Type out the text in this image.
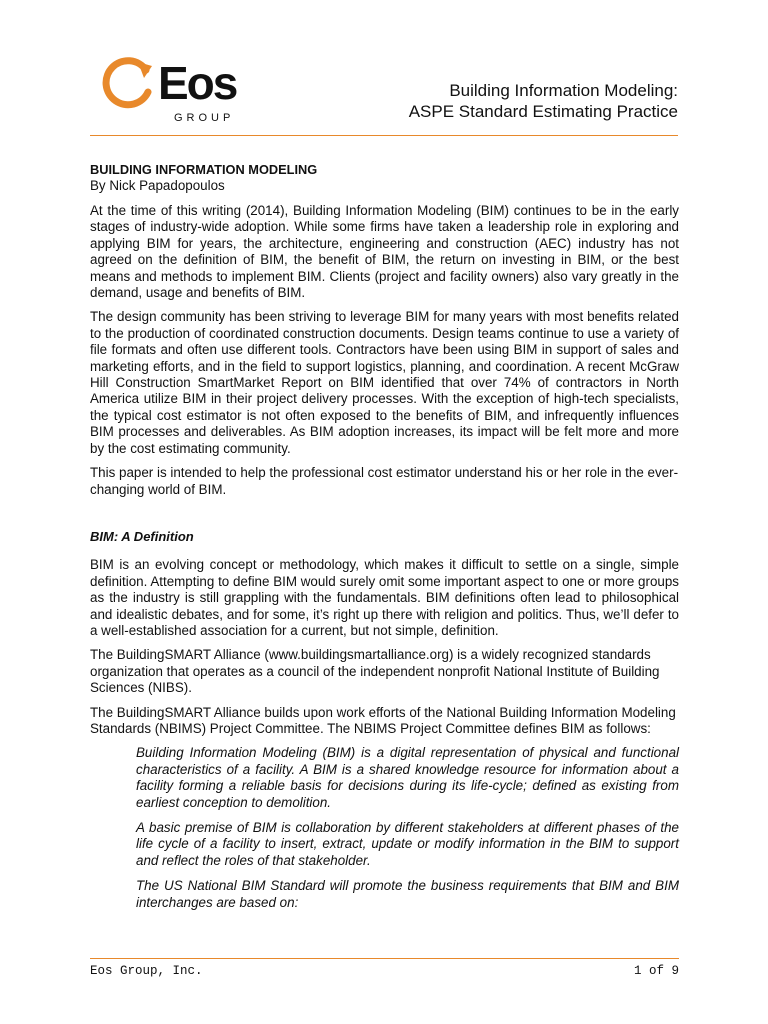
Eos
GROUP
Building Information Modeling:
ASPE Standard Estimating Practice
BUILDING INFORMATION MODELING
By Nick Papadopoulos

At the time of this writing (2014), Building Information Modeling (BIM) continues to be in the early stages of industry-wide adoption. While some firms have taken a leadership role in exploring and applying BIM for years, the architecture, engineering and construction (AEC) industry has not agreed on the definition of BIM, the benefit of BIM, the return on investing in BIM, or the best means and methods to implement BIM. Clients (project and facility owners) also vary greatly in the demand, usage and benefits of BIM.

The design community has been striving to leverage BIM for many years with most benefits related to the production of coordinated construction documents. Design teams continue to use a variety of file formats and often use different tools. Contractors have been using BIM in support of sales and marketing efforts, and in the field to support logistics, planning, and coordination. A recent McGraw Hill Construction SmartMarket Report on BIM identified that over 74% of contractors in North America utilize BIM in their project delivery processes. With the exception of high-tech specialists, the typical cost estimator is not often exposed to the benefits of BIM, and infrequently influences BIM processes and deliverables. As BIM adoption increases, its impact will be felt more and more by the cost estimating community.

This paper is intended to help the professional cost estimator understand his or her role in the ever-changing world of BIM.

BIM: A Definition

BIM is an evolving concept or methodology, which makes it difficult to settle on a single, simple definition. Attempting to define BIM would surely omit some important aspect to one or more groups as the industry is still grappling with the fundamentals. BIM definitions often lead to philosophical and idealistic debates, and for some, it’s right up there with religion and politics. Thus, we’ll defer to a well-established association for a current, but not simple, definition.

The BuildingSMART Alliance (www.buildingsmartalliance.org) is a widely recognized standards organization that operates as a council of the independent nonprofit National Institute of Building Sciences (NIBS).

The BuildingSMART Alliance builds upon work efforts of the National Building Information Modeling Standards (NBIMS) Project Committee. The NBIMS Project Committee defines BIM as follows:

Building Information Modeling (BIM) is a digital representation of physical and functional characteristics of a facility. A BIM is a shared knowledge resource for information about a facility forming a reliable basis for decisions during its life-cycle; defined as existing from earliest conception to demolition.

A basic premise of BIM is collaboration by different stakeholders at different phases of the life cycle of a facility to insert, extract, update or modify information in the BIM to support and reflect the roles of that stakeholder.

The US National BIM Standard will promote the business requirements that BIM and BIM interchanges are based on:

Eos Group, Inc.	1 of 9
